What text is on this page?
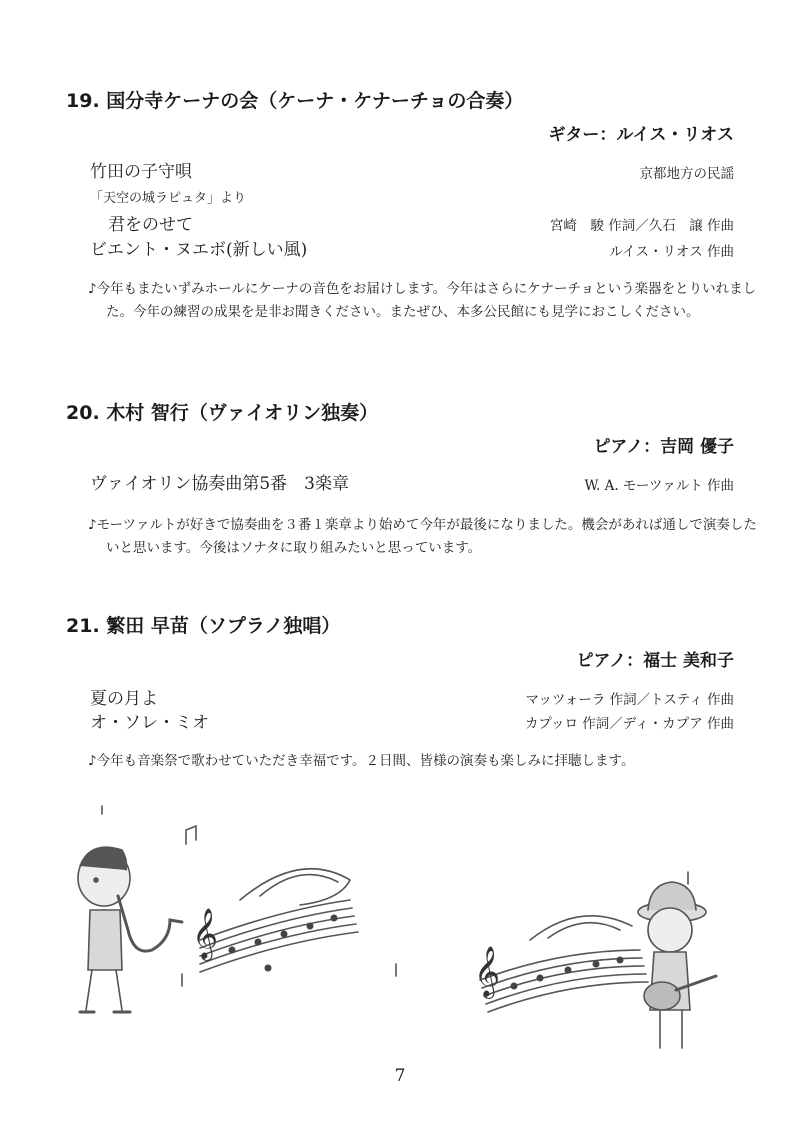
19. 国分寺ケーナの会（ケーナ・ケナーチョの合奏）
ギター：ルイス・リオス
竹田の子守唄	京都地方の民謡
「天空の城ラピュタ」より
君をのせて	宮崎　駿 作詞／久石　譲 作曲
ビエント・ヌエボ(新しい風)	ルイス・リオス 作曲
♪今年もまたいずみホールにケーナの音色をお届けします。今年はさらにケナーチョという楽器をとりいれました。今年の練習の成果を是非お聞きください。またぜひ、本多公民館にも見学におこしください。
20. 木村 智行（ヴァイオリン独奏）
ピアノ：吉岡 優子
ヴァイオリン協奏曲第5番　3楽章	W. A. モーツァルト 作曲
♪モーツァルトが好きで協奏曲を３番１楽章より始めて今年が最後になりました。機会があれば通しで演奏したいと思います。今後はソナタに取り組みたいと思っています。
21. 繁田 早苗（ソプラノ独唱）
ピアノ：福士 美和子
夏の月よ	マッツォーラ 作詞／トスティ 作曲
オ・ソレ・ミオ	カプッロ 作詞／ディ・カプア 作曲
♪今年も音楽祭で歌わせていただき幸福です。２日間、皆様の演奏も楽しみに拝聴します。
𝄞
𝄞
7
